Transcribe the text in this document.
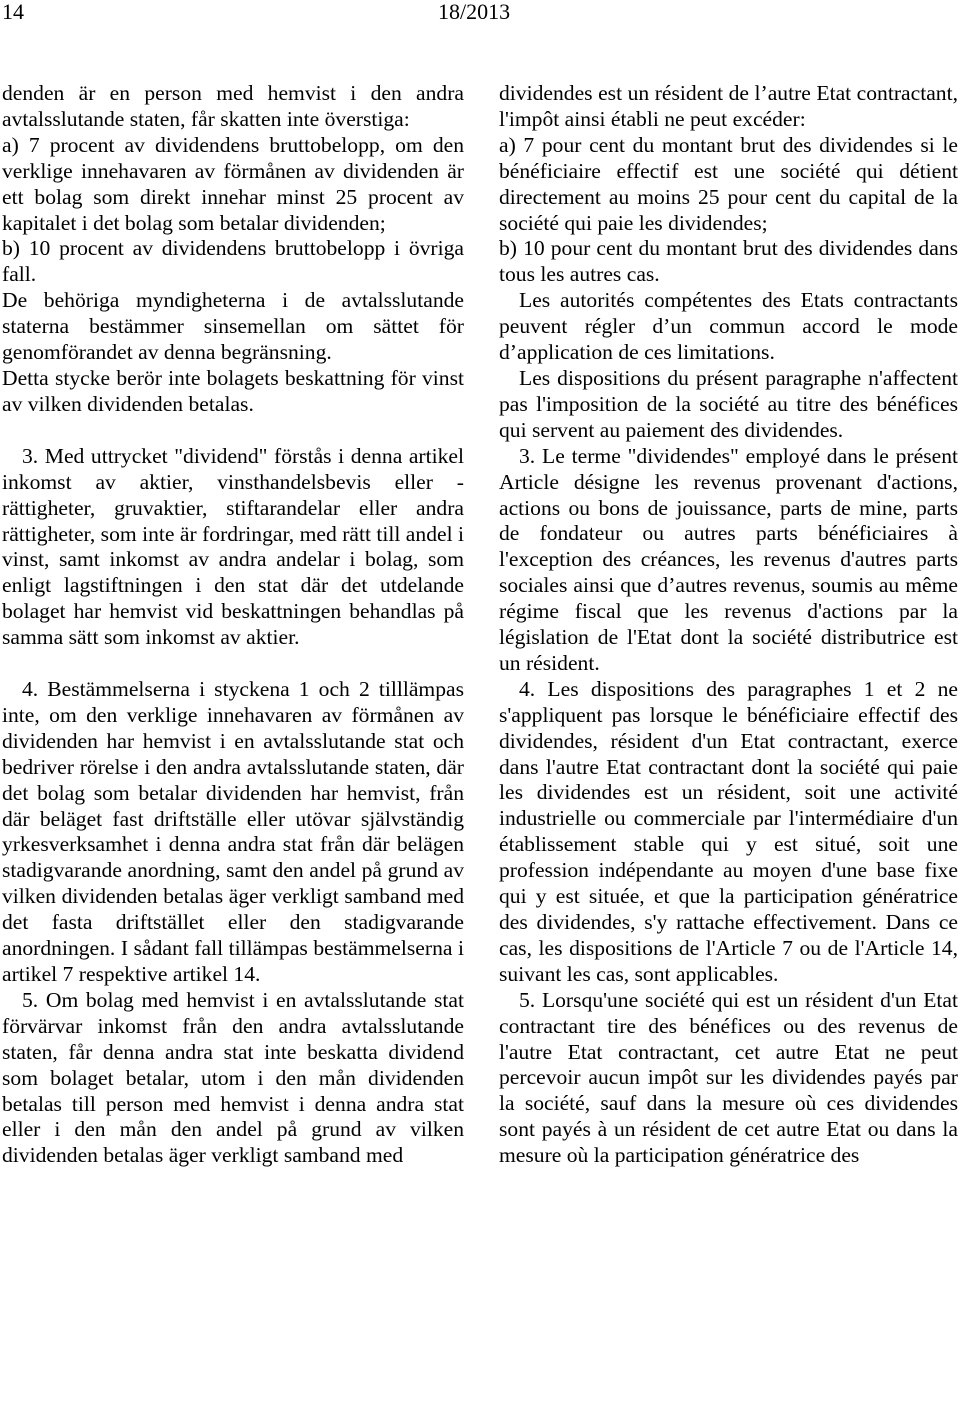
14	18/2013

denden är en person med hemvist i den andra avtalsslutande staten, får skatten inte överstiga:

a) 7 procent av dividendens bruttobelopp, om den verklige innehavaren av förmånen av dividenden är ett bolag som direkt innehar minst 25 procent av kapitalet i det bolag som betalar dividenden;

b) 10 procent av dividendens bruttobelopp i övriga fall.

De behöriga myndigheterna i de avtalsslutande staterna bestämmer sinsemellan om sättet för genomförandet av denna begränsning.

Detta stycke berör inte bolagets beskattning för vinst av vilken dividenden betalas.

3. Med uttrycket "dividend" förstås i denna artikel inkomst av aktier, vinsthandelsbevis eller -rättigheter, gruvaktier, stiftarandelar eller andra rättigheter, som inte är fordringar, med rätt till andel i vinst, samt inkomst av andra andelar i bolag, som enligt lagstiftningen i den stat där det utdelande bolaget har hemvist vid beskattningen behandlas på samma sätt som inkomst av aktier.

4. Bestämmelserna i styckena 1 och 2 tilllämpas inte, om den verklige innehavaren av förmånen av dividenden har hemvist i en avtalsslutande stat och bedriver rörelse i den andra avtalsslutande staten, där det bolag som betalar dividenden har hemvist, från där beläget fast driftställe eller utövar självständig yrkesverksamhet i denna andra stat från där belägen stadigvarande anordning, samt den andel på grund av vilken dividenden betalas äger verkligt samband med det fasta driftstället eller den stadigvarande anordningen. I sådant fall tillämpas bestämmelserna i artikel 7 respektive artikel 14.

5. Om bolag med hemvist i en avtalsslutande stat förvärvar inkomst från den andra avtalsslutande staten, får denna andra stat inte beskatta dividend som bolaget betalar, utom i den mån dividenden betalas till person med hemvist i denna andra stat eller i den mån den andel på grund av vilken dividenden betalas äger verkligt samband med

dividendes est un résident de l’autre Etat contractant, l'impôt ainsi établi ne peut excéder:

a) 7 pour cent du montant brut des dividendes si le bénéficiaire effectif est une société qui détient directement au moins 25 pour cent du capital de la société qui paie les dividendes;

b) 10 pour cent du montant brut des dividendes dans tous les autres cas.

Les autorités compétentes des Etats contractants peuvent régler d’un commun accord le mode d’application de ces limitations.

Les dispositions du présent paragraphe n'affectent pas l'imposition de la société au titre des bénéfices qui servent au paiement des dividendes.

3. Le terme "dividendes" employé dans le présent Article désigne les revenus provenant d'actions, actions ou bons de jouissance, parts de mine, parts de fondateur ou autres parts bénéficiaires à l'exception des créances, les revenus d'autres parts sociales ainsi que d’autres revenus, soumis au même régime fiscal que les revenus d'actions par la législation de l'Etat dont la société distributrice est un résident.

4. Les dispositions des paragraphes 1 et 2 ne s'appliquent pas lorsque le bénéficiaire effectif des dividendes, résident d'un Etat contractant, exerce dans l'autre Etat contractant dont la société qui paie les dividendes est un résident, soit une activité industrielle ou commerciale par l'intermédiaire d'un établissement stable qui y est situé, soit une profession indépendante au moyen d'une base fixe qui y est située, et que la participation génératrice des dividendes, s'y rattache effectivement. Dans ce cas, les dispositions de l'Article 7 ou de l'Article 14, suivant les cas, sont applicables.

5. Lorsqu'une société qui est un résident d'un Etat contractant tire des bénéfices ou des revenus de l'autre Etat contractant, cet autre Etat ne peut percevoir aucun impôt sur les dividendes payés par la société, sauf dans la mesure où ces dividendes sont payés à un résident de cet autre Etat ou dans la mesure où la participation génératrice des
